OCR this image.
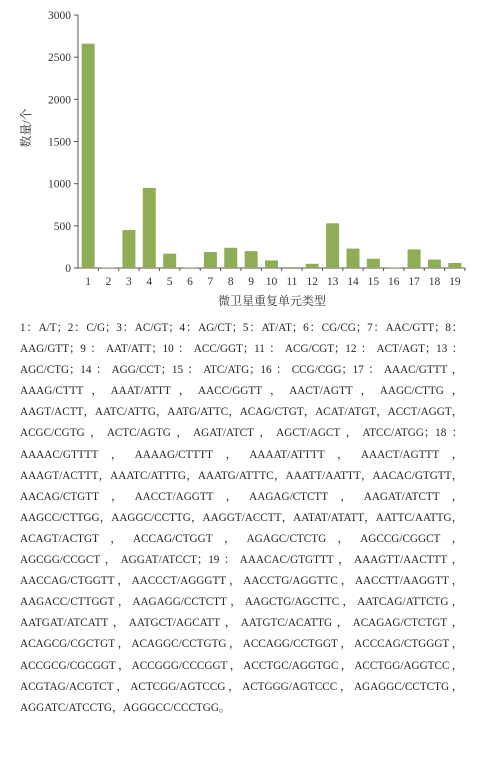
0
500
1000
1500
2000
2500
3000
1 2 3 4 5 6 7 8 9 10 11 12 13 14 15 16 17 18 19
数量/个
微卫星重复单元类型
1：A/T；2：C/G；3：AC/GT；4：AG/CT；5：AT/AT；6：CG/CG；7：AAC/GTT；8：AAG/GTT；9：AAT/ATT；10：ACC/GGT；11：ACG/CGT；12：ACT/AGT；13：AGC/CTG；14：AGG/CCT；15：ATC/ATG；16：CCG/CGG；17：AAAC/GTTT，AAAG/CTTT，AAAT/ATTT，AACC/GGTT，AACT/AGTT，AAGC/CTTG，AAGT/ACTT，AATC/ATTG，AATG/ATTC，ACAG/CTGT，ACAT/ATGT，ACCT/AGGT，ACGC/CGTG，ACTC/AGTG，AGAT/ATCT，AGCT/AGCT，ATCC/ATGG；18：AAAAC/GTTTT，AAAAG/CTTTT，AAAAT/ATTTT，AAACT/AGTTT，AAAGT/ACTTT，AAATC/ATTTG，AAATG/ATTTC，AAATT/AATTT，AACAC/GTGTT，AACAG/CTGTT，AACCT/AGGTT，AAGAG/CTCTT，AAGAT/ATCTT，AAGCC/CTTGG，AAGGC/CCTTG，AAGGT/ACCTT，AATAT/ATATT，AATTC/AATTG，ACAGT/ACTGT，ACCAG/CTGGT，AGAGC/CTCTG，AGCCG/CGGCT，AGCGG/CCGCT，AGGAT/ATCCT；19：AAACAC/GTGTTT，AAAGTT/AACTTT，AACCAG/CTGGTT，AACCCT/AGGGTT，AACCTG/AGGTTC，AACCTT/AAGGTT，AAGACC/CTTGGT，AAGAGG/CCTCTT，AAGCTG/AGCTTC，AATCAG/ATTCTG，AATGAT/ATCATT，AATGCT/AGCATT，AATGTC/ACATTG，ACAGAG/CTCTGT，ACAGCG/CGCTGT，ACAGGC/CCTGTG，ACCAGG/CCTGGT，ACCCAG/CTGGGT，ACCGCG/CGCGGT，ACCGGG/CCCGGT，ACCTGC/AGGTGC，ACCTGG/AGGTCC，ACGTAG/ACGTCT，ACTCGG/AGTCCG，ACTGGG/AGTCCC，AGAGGC/CCTCTG，AGGATC/ATCCTG，AGGGCC/CCCTGG。
